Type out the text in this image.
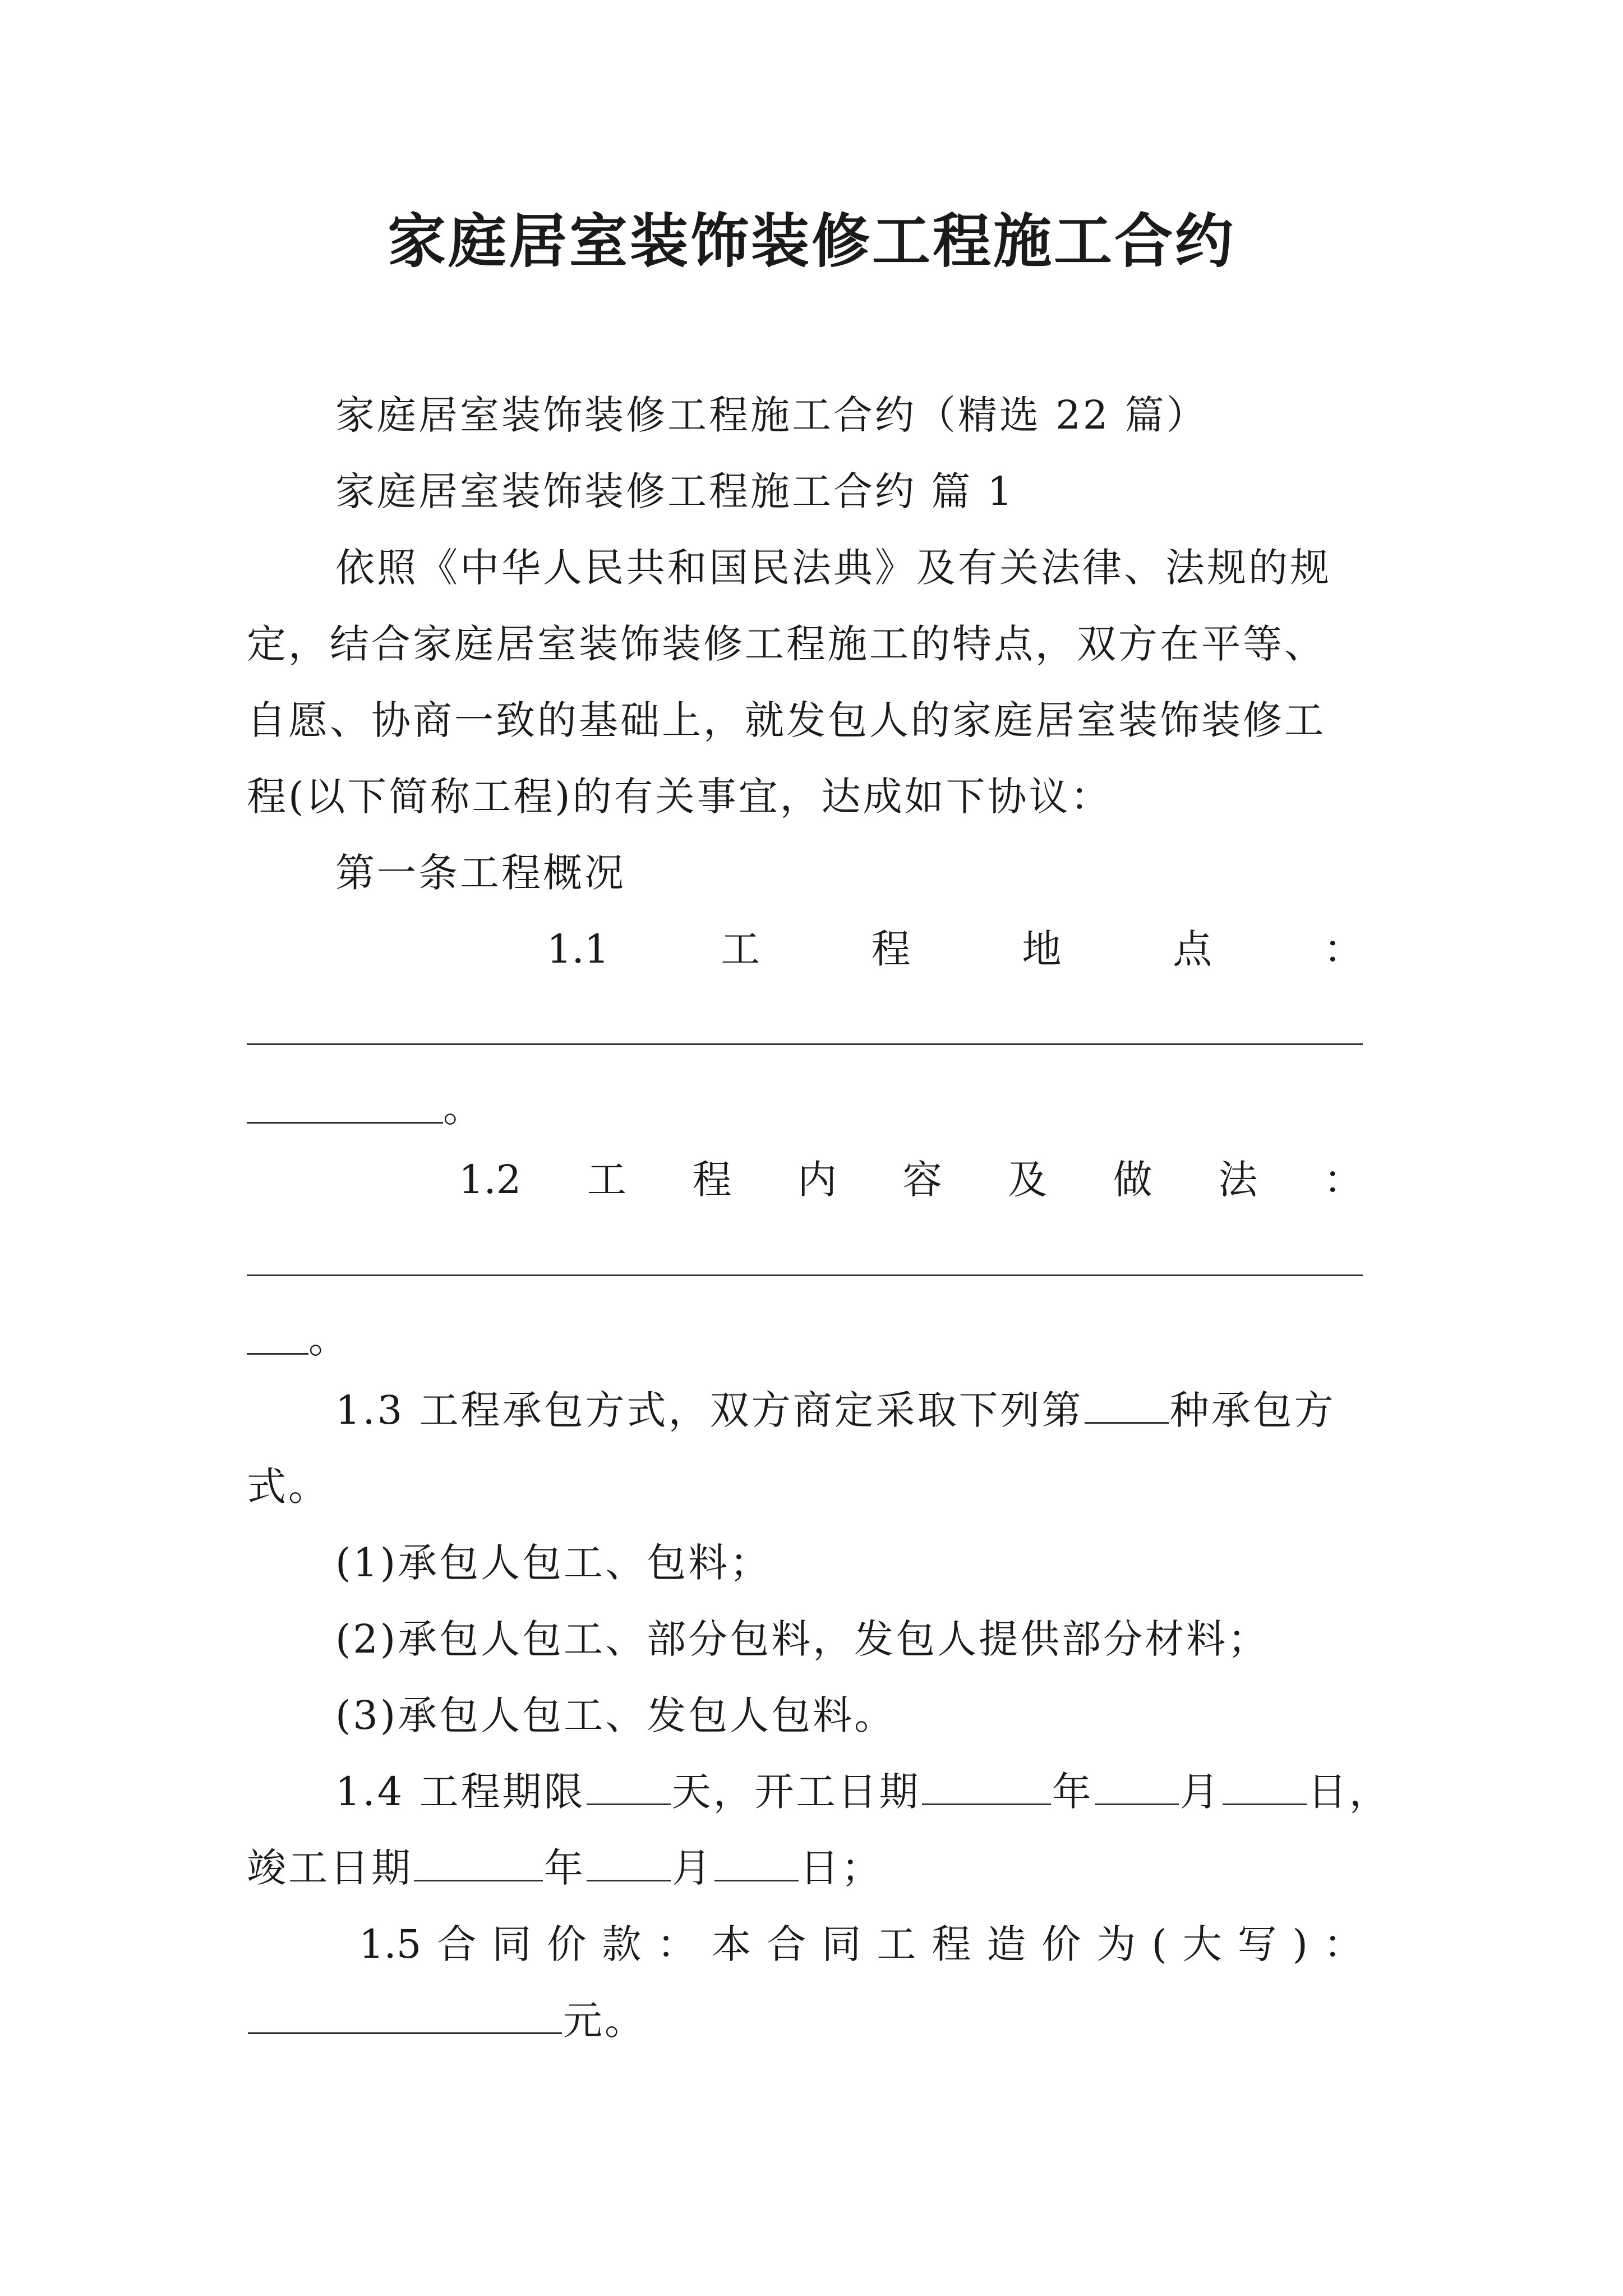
家庭居室装饰装修工程施工合约
家庭居室装饰装修工程施工合约（精选 22 篇）
家庭居室装饰装修工程施工合约 篇 1
依照《中华人民共和国民法典》及有关法律、法规的规
定，结合家庭居室装饰装修工程施工的特点，双方在平等、
自愿、协商一致的基础上，就发包人的家庭居室装饰装修工
程(以下简称工程)的有关事宜，达成如下协议：
第一条工程概况
1.1	工	程	地	点	：
。
1.2 工 程 内 容 及 做 法 ：
。
1.3 工程承包方式，双方商定采取下列第 种承包方
式。
(1)承包人包工、包料；
(2)承包人包工、部分包料，发包人提供部分材料；
(3)承包人包工、发包人包料。
1.4 工程期限 天，开工日期	年 月 日，
竣工日期	年 月 日；
1.5 合 同 价 款 ： 本 合 同 工 程 造 价 为 ( 大 写 ) ：
元。
